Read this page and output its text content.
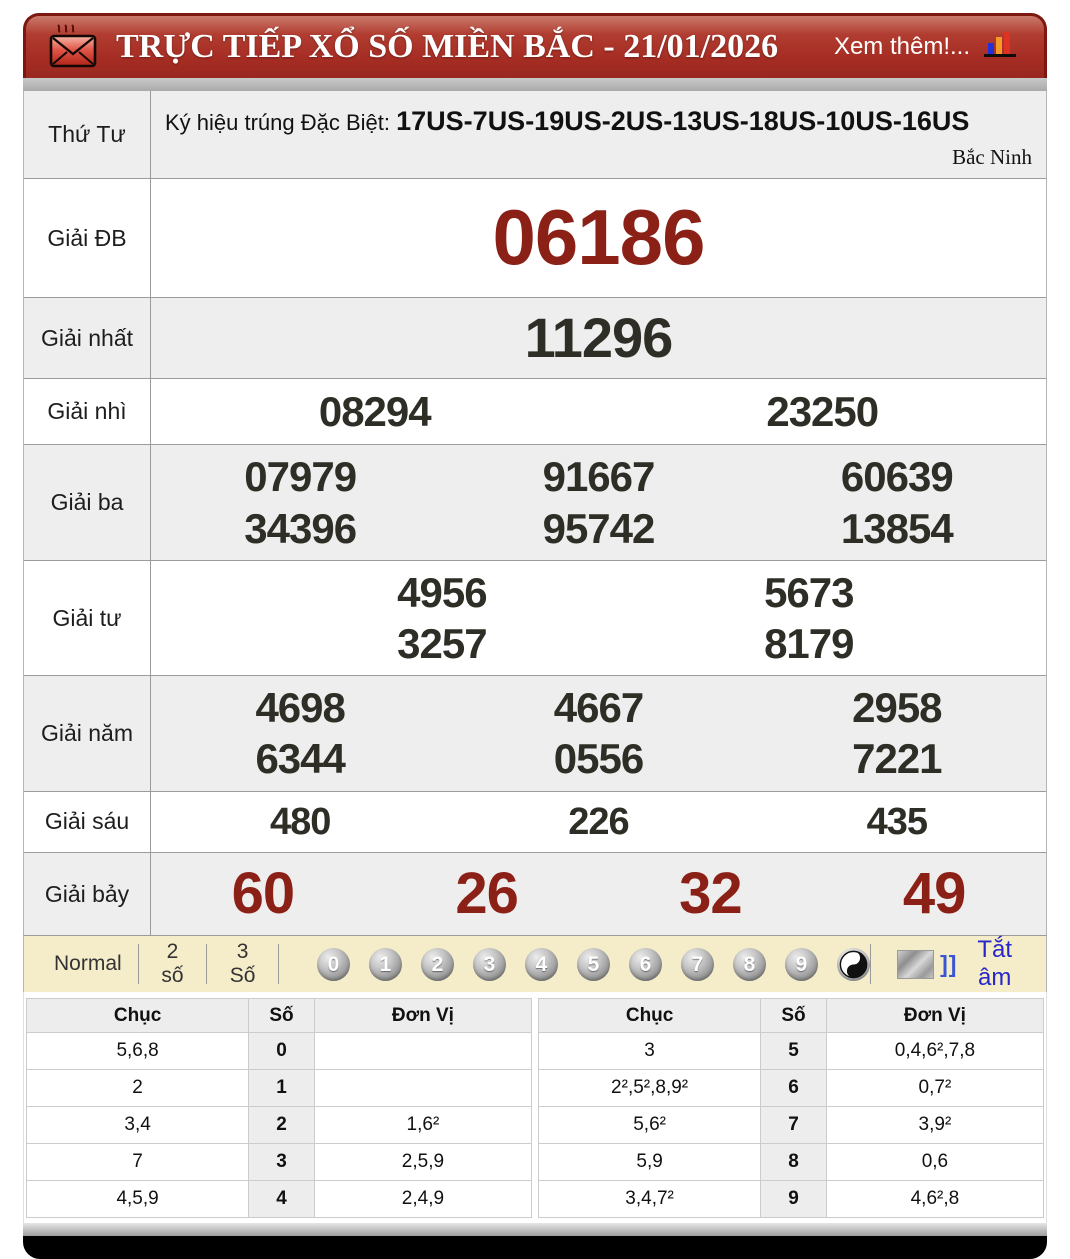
TRỰC TIẾP XỔ SỐ MIỀN BẮC - 21/01/2026 Xem thêm!...
Thứ Tư	Ký hiệu trúng Đặc Biệt: 17US-7US-19US-2US-13US-18US-10US-16US
Bắc Ninh
Giải ĐB	06186
Giải nhất	11296
Giải nhì	08294	23250
Giải ba
07979	91667	60639
34396	95742	13854
Giải tư
4956	5673
3257	8179
Giải năm
4698	4667	2958
6344	0556	7221
Giải sáu	480	226	435
Giải bảy	60	26	32	49
Normal
2 số
3 Số	0	1	2	3	4	5	6	7	8	9	]]
Tắt âm
Chục	Số	Đơn Vị
5,6,8	0	
2	1	
3,4	2	1,6²
7	3	2,5,9
4,5,9	4	2,4,9
Chục	Số	Đơn Vị
3	5	0,4,6²,7,8
2²,5²,8,9²	6	0,7²
5,6²	7	3,9²
5,9	8	0,6
3,4,7²	9	4,6²,8
